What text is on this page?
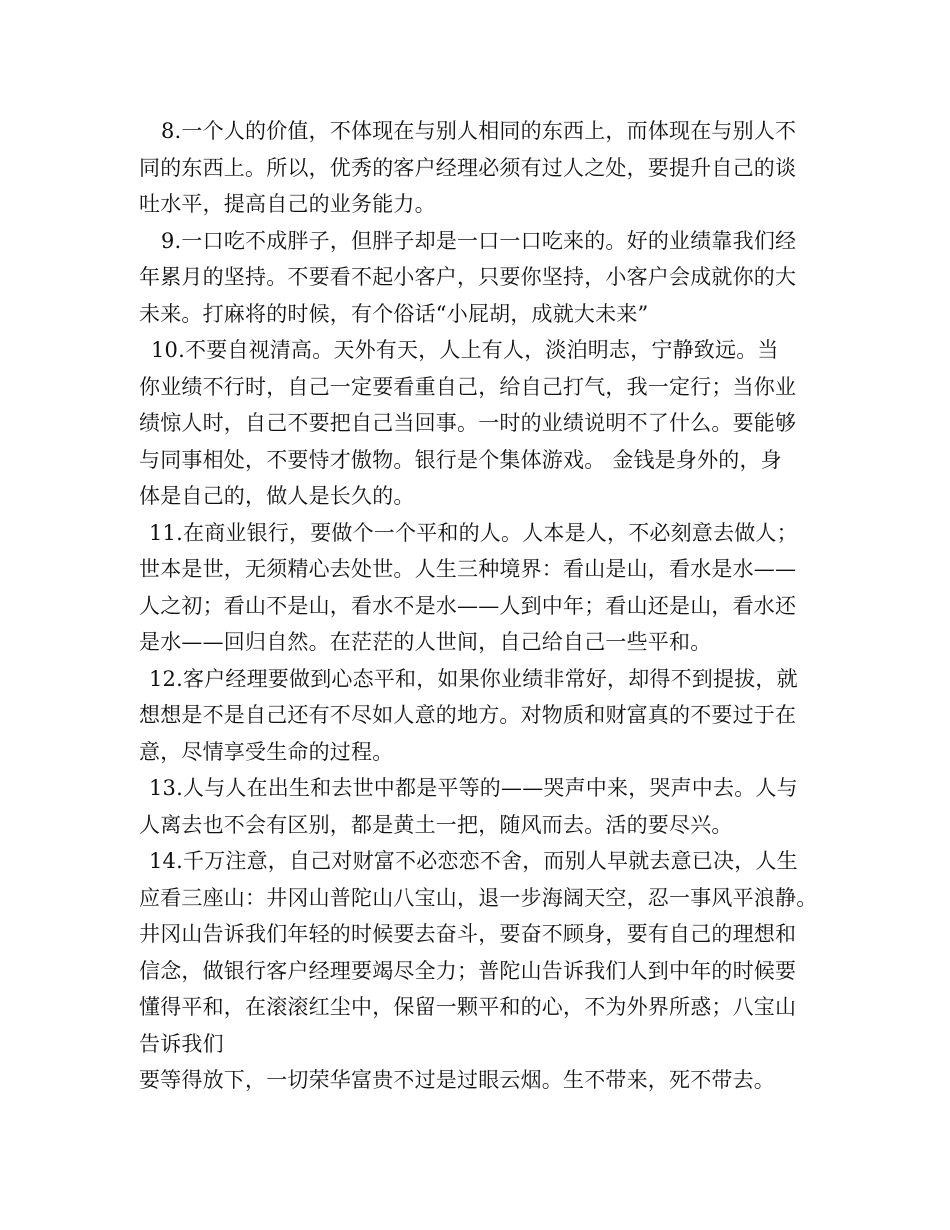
8.一个人的价值，不体现在与别人相同的东西上，而体现在与别人不
同的东西上。所以，优秀的客户经理必须有过人之处，要提升自己的谈
吐水平，提高自己的业务能力。
9.一口吃不成胖子，但胖子却是一口一口吃来的。好的业绩靠我们经
年累月的坚持。不要看不起小客户，只要你坚持，小客户会成就你的大
未来。打麻将的时候，有个俗话“小屁胡，成就大未来”
10.不要自视清高。天外有天，人上有人，淡泊明志，宁静致远。当
你业绩不行时，自己一定要看重自己，给自己打气，我一定行；当你业
绩惊人时，自己不要把自己当回事。一时的业绩说明不了什么。要能够
与同事相处，不要恃才傲物。银行是个集体游戏。 金钱是身外的，身
体是自己的，做人是长久的。
11.在商业银行，要做个一个平和的人。人本是人，不必刻意去做人；
世本是世，无须精心去处世。人生三种境界：看山是山，看水是水——
人之初；看山不是山，看水不是水——人到中年；看山还是山，看水还
是水——回归自然。在茫茫的人世间，自己给自己一些平和。
12.客户经理要做到心态平和，如果你业绩非常好，却得不到提拔，就
想想是不是自己还有不尽如人意的地方。对物质和财富真的不要过于在
意，尽情享受生命的过程。
13.人与人在出生和去世中都是平等的——哭声中来，哭声中去。人与
人离去也不会有区别，都是黄土一把，随风而去。活的要尽兴。
14.千万注意，自己对财富不必恋恋不舍，而别人早就去意已决，人生
应看三座山：井冈山普陀山八宝山，退一步海阔天空，忍一事风平浪静。
井冈山告诉我们年轻的时候要去奋斗，要奋不顾身，要有自己的理想和
信念，做银行客户经理要竭尽全力；普陀山告诉我们人到中年的时候要
懂得平和，在滚滚红尘中，保留一颗平和的心，不为外界所惑；八宝山
告诉我们
要等得放下，一切荣华富贵不过是过眼云烟。生不带来，死不带去。
